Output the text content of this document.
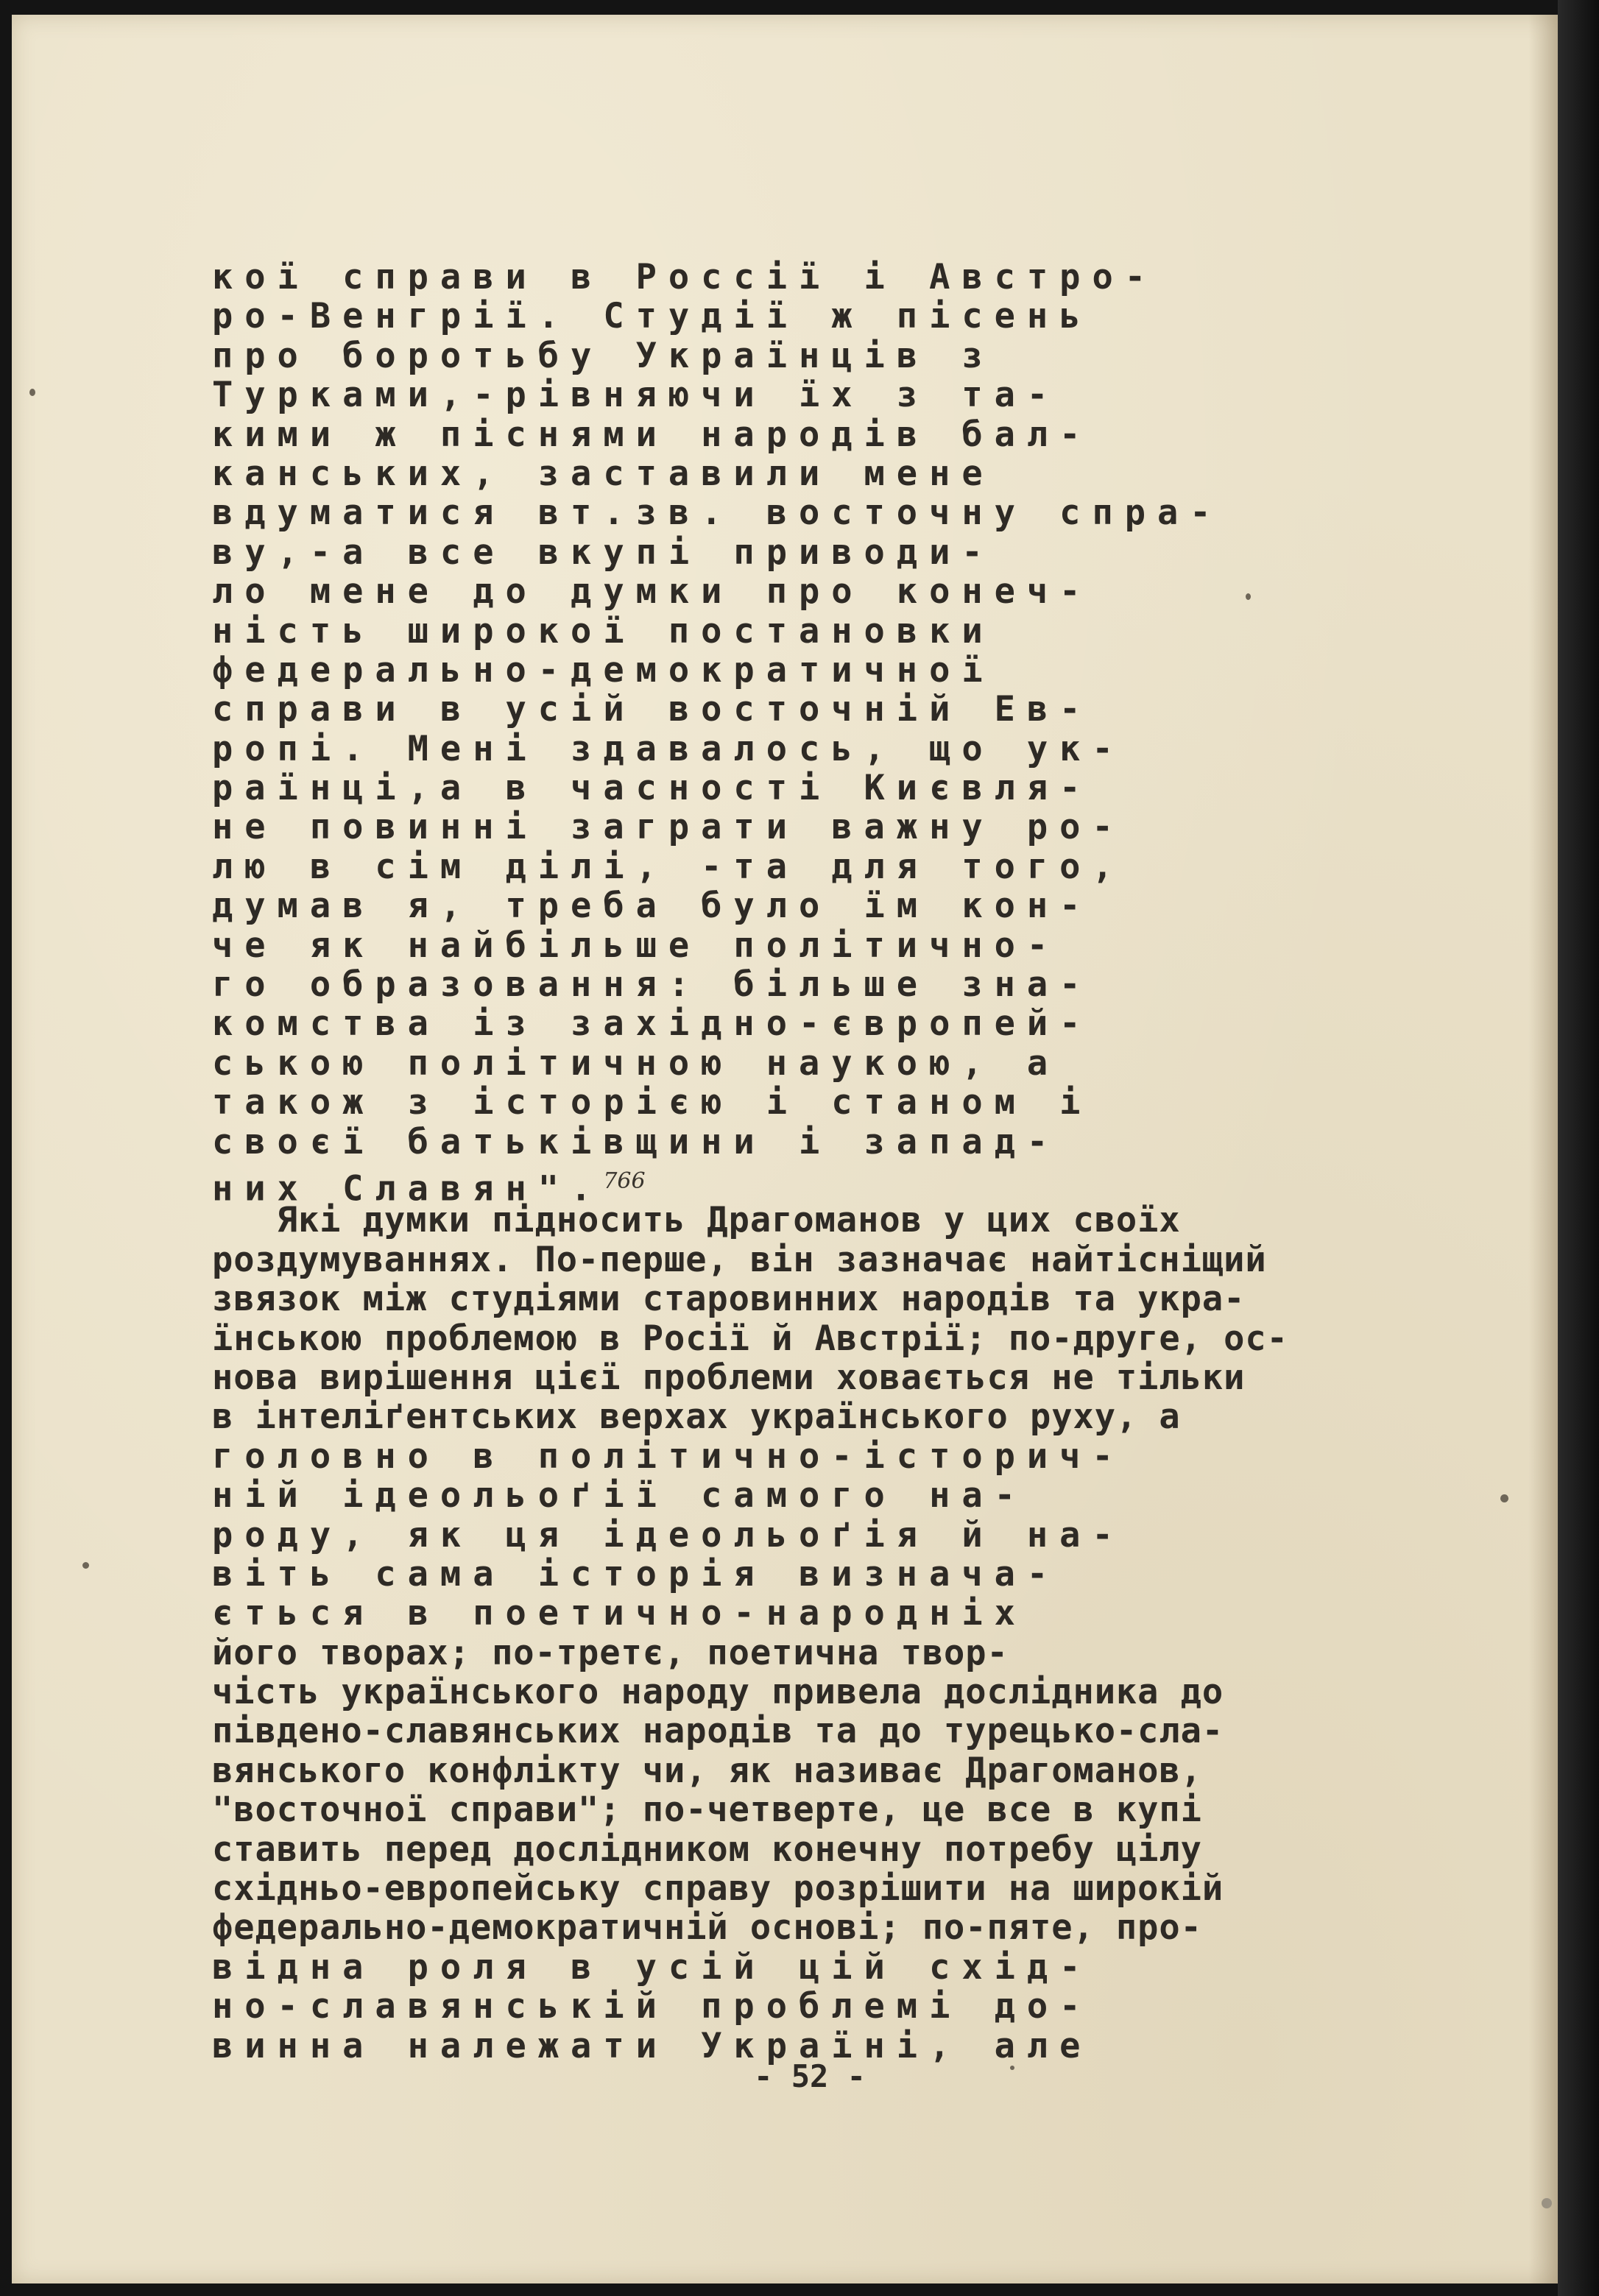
кої справи в Россії і Австро-
ро-Венгрії. Студії ж пісень
про боротьбу Українців з
Турками,-рівняючи їх з та-
кими ж піснями народів бал-
канських, заставили мене
вдуматися вт.зв. восточну спра-
ву,-а все вкупі приводи-
ло мене до думки про конеч-
ність широкої постановки
федерально-демократичної
справи в усій восточній Ев-
ропі. Мені здавалось, що ук-
раїнці,а в часності Києвля-
не повинні заграти важну ро-
лю в сім ділі, -та для того,
думав я, треба було їм кон-
че як найбільше політично-
го образовання: більше зна-
комства із західно-європей-
ською політичною наукою, а
також з історією і станом і
своєї батьківщини і запад-
них Славян".$^{766}$
Які думки підносить Драгоманов у цих своїх
роздумуваннях. По-перше, він зазначає найтісніщий
звязок між студіями старовинних народів та укра-
їнською проблемою в Росії й Австрії; по-друге, ос-
нова вирішення цієї проблеми ховається не тільки
в інтеліґентських верхах українського руху, а
головно в політично-історич-
ній ідеольоґії самого на-
роду, як ця ідеольоґія й на-
віть сама історія визнача-
ється в поетично-народніх
його творах; по-третє, поетична твор-
чість українського народу привела дослідника до
південо-славянських народів та до турецько-сла-
вянського конфлікту чи, як називає Драгоманов,
"восточної справи"; по-четверте, це все в купі
ставить перед дослідником конечну потребу цілу
східньо-европейську справу розрішити на широкій
федерально-демократичній основі; по-пяте, про-
відна роля в усій цій схід-
но-славянській проблемі до-
винна належати Україні, але
- 52 -
